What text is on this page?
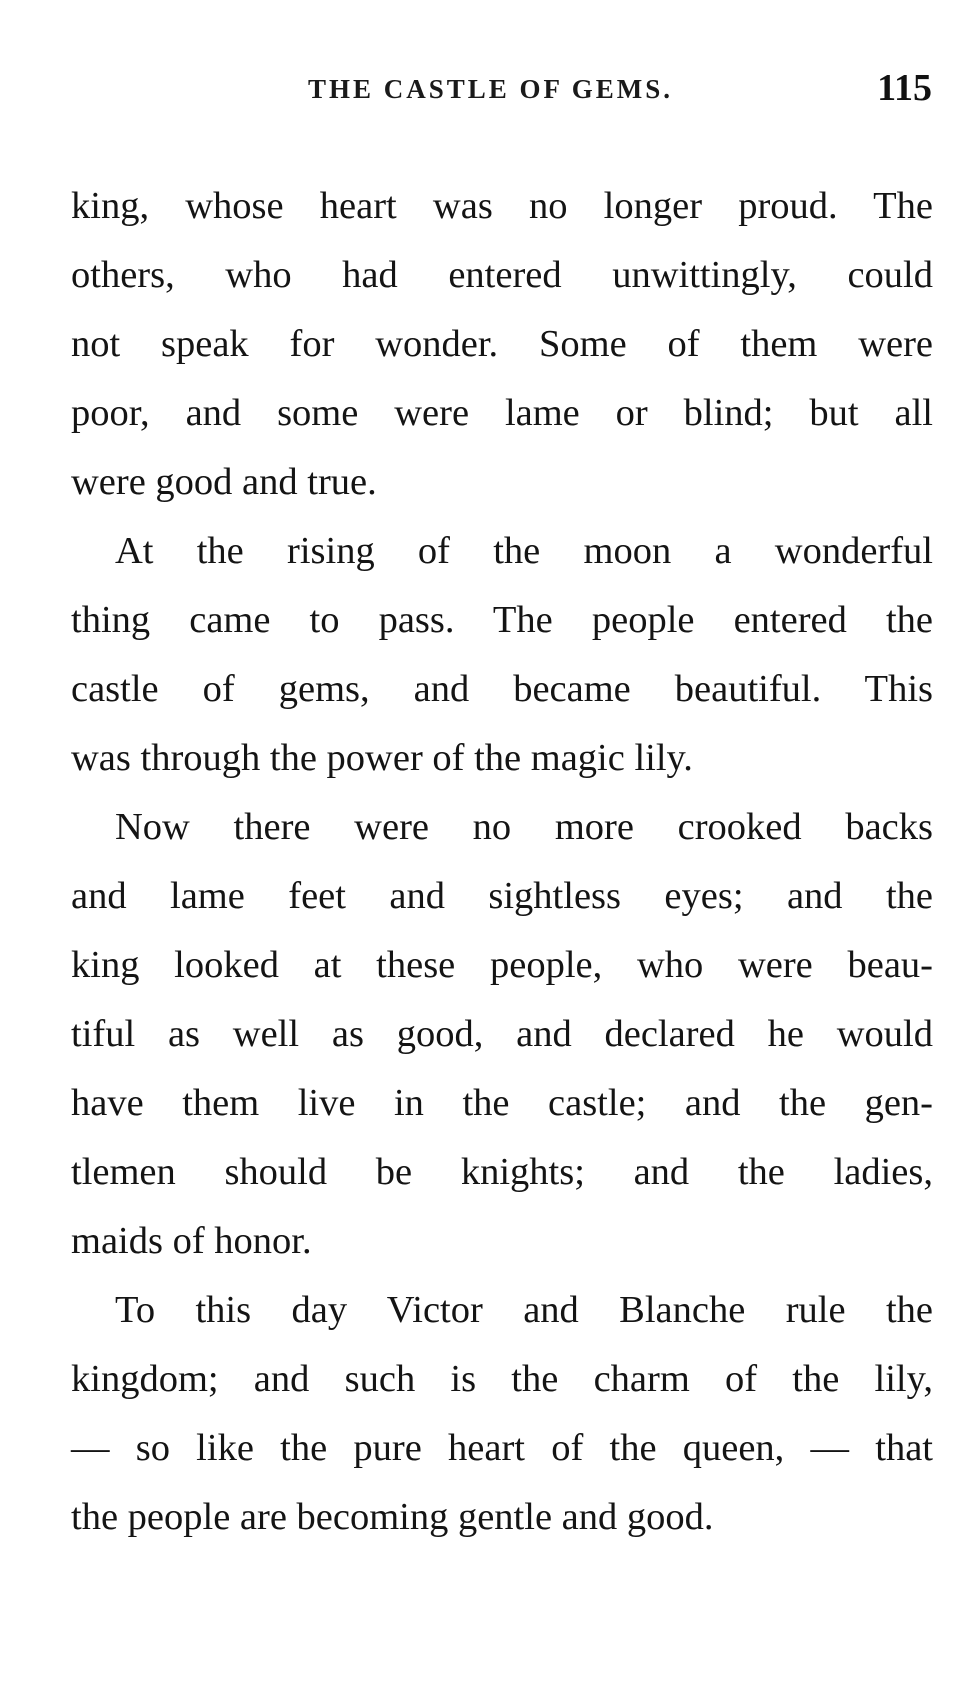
THE CASTLE OF GEMS.	115

king, whose heart was no longer proud. The
others, who had entered unwittingly, could
not speak for wonder. Some of them were
poor, and some were lame or blind; but all
were good and true.

At the rising of the moon a wonderful
thing came to pass. The people entered the
castle of gems, and became beautiful. This
was through the power of the magic lily.

Now there were no more crooked backs
and lame feet and sightless eyes; and the
king looked at these people, who were beau-
tiful as well as good, and declared he would
have them live in the castle; and the gen-
tlemen should be knights; and the ladies,
maids of honor.

To this day Victor and Blanche rule the
kingdom; and such is the charm of the lily,
— so like the pure heart of the queen, — that
the people are becoming gentle and good.
